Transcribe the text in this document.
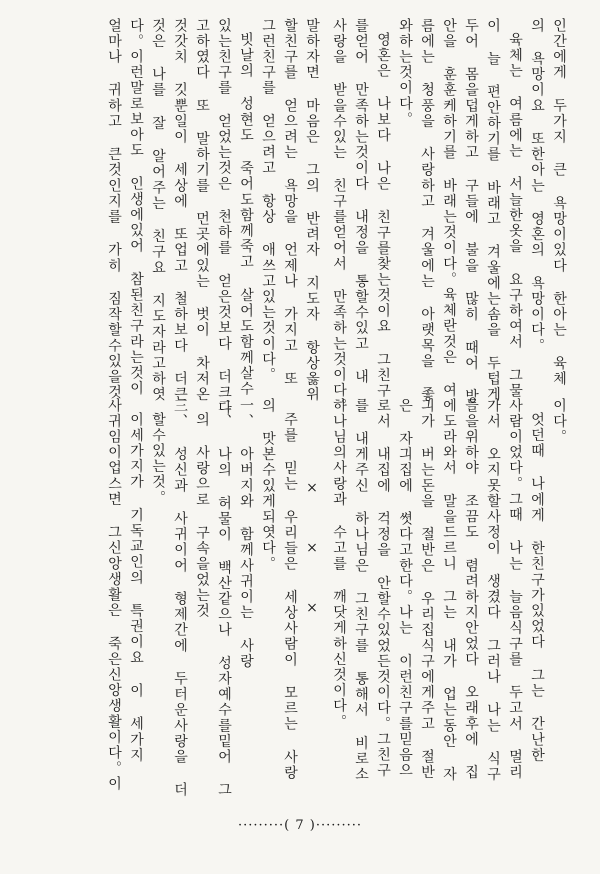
인간에게 두가지 큰 욕망이있다 한아는 육체
의 욕망이요 또한아는 영혼의 욕망이다。
육체는 여름에는 서늘한옷을 요구하여서 그물
이 늘 편안하기를 바래고 겨울에는솜을 두텁게
두어 몸을덥게하고 구들에 불을 많히 때어 방
안을 훈훈케하기를 바래는것이다。육체란것은 여
름에는 청풍을 사랑하고 겨울에는 아랫목을 좋
와하는것이다。
영혼은 나보다 나은 친구를찾는것이요 그친구
를얻어 만족하는것이다 내정을 통할수있고 내
사랑을 받을수있는 친구를얻어서 만족하는것이다。
말하자면 마음은 그의 반려자 지도자 항상옳위
할친구를 얻으려는 욕망을 언제나 가지고 또
그런친구를 얻으려고 항상 애쓰고있는것이다。
빗날의 성현도 죽어도함께죽고 살어도함께살수
있는친구를 얻었는것은 천하를 얻은것보다 더크다
고하였다 또 말하기를 먼곳에있는 벗이 차저온
것갓치 깃뿐일이 세상에 또업고 철하보다 더큰
것은 나를 잘 알어주는 친구요 지도자라고하엿
다。이런말로보아도 인생에있어 참된친구라는것이
얼마나 귀하고 큰것인지를 가히 짐작할수있을것
이다。
엇던때 나에게 한친구가있었다 그는 간난한
사람이었다。그때 나는 늘음식구를 두고서 멀리
가서 오지못할사정이 생겼다 그러나 나는 식구
들을위하야 조끔도 렴려하지안었다 오래후에 집
에도라와서 말을드르니 그는 내가 업는동안 자
긔가 버는돈을 절반은 우리집식구에게주고 절반
은 자긔집에 쎳다고한다。나는 이런친구를믿음으
로서 내집에 걱정을 안할수있었든것이다。그친구
를 내게주신 하나님은 그친구를 통해서 비로소
하나님의사랑과 수고를 깨닷게하신것이다。
× × ×
주를 믿는 우리들은 세상사람이 모르는 사랑
의 맛본수있게되엿다。
一、 아버지와 함께사귀이는 사랑
二、 나의 허물이 백산같으나 성자예수를밑어 그
의 사랑으로 구속을었는것
三、 성신과 사귀이어 형제간에 두터운사랑을 더
할수있는것。
이세가지가 기독교인의 특권이요 이 세가지
사귀임이업스면 그신앙생활은 죽은신앙생활이다。이
·········( 7 )·········
